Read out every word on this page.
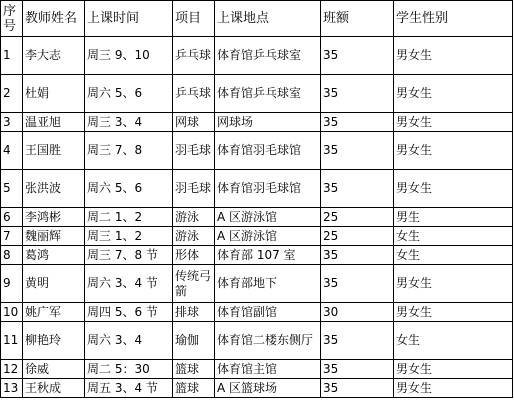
序号	教师姓名	上课时间	项目	上课地点	班额	学生性别
1	李大志	周三 9、10	乒乓球	体育馆乒乓球室	35	男女生
2	杜娟	周六 5、6	乒乓球	体育馆乒乓球室	35	男女生
3	温亚旭	周三 3、4	网球	网球场	35	男女生
4	王国胜	周三 7、8	羽毛球	体育馆羽毛球馆	35	男女生
5	张洪波	周六 5、6	羽毛球	体育馆羽毛球馆	35	男女生
6	李鸿彬	周二 1、2	游泳	A 区游泳馆	25	男生
7	魏丽辉	周三 1、2	游泳	A 区游泳馆	25	女生
8	葛鸿	周三 7、8 节	形体	体育部 107 室	35	女生
9	黄明	周六 3、4 节	传统弓箭	体育部地下	35	男女生
10	姚广军	周四 5、6 节	排球	体育馆副馆	30	男女生
11	柳艳玲	周六 3、4	瑜伽	体育馆二楼东侧厅	35	女生
12	徐威	周二 5：30	篮球	体育馆主馆	35	男女生
13	王秋成	周五 3、4 节	篮球	A 区篮球场	35	男女生
